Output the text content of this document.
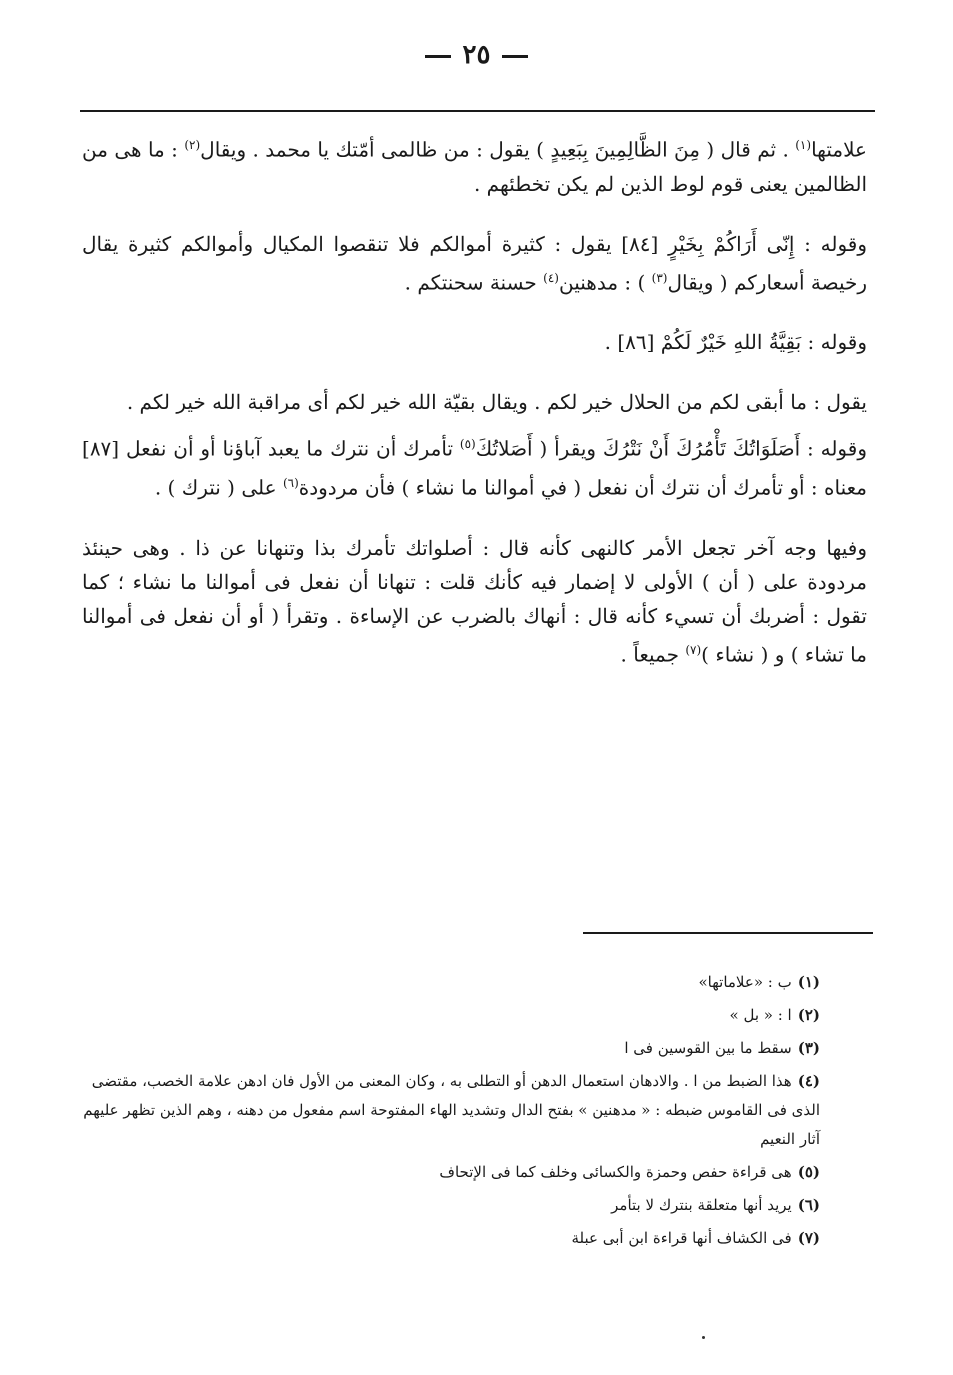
٢٥

علامتها$^{(١)}$ . ثم قال ( مِنَ الظَّالِمِينَ بِبَعِيدٍ ) يقول : من ظالمى أمّتك يا محمد . ويقال$^{(٢)}$ : ما هى من الظالمين يعنى قوم لوط الذين لم يكن تخطئهم .

وقوله : إِنّى أَرَاكُمْ بِخَيْرٍ [٨٤] يقول : كثيرة أموالكم فلا تنقصوا المكيال وأموالكم كثيرة يقال رخيصة أسعاركم ( ويقال$^{(٣)}$ ) : مدهنين$^{(٤)}$ حسنة سحنتكم .

وقوله : بَقِيَّةُ اللهِ خَيْرٌ لَكُمْ [٨٦] .

يقول : ما أبقى لكم من الحلال خير لكم . ويقال بقيّة الله خير لكم أى مراقبة الله خير لكم .

وقوله : أَصَلَوَاتُكَ تَأْمُرُكَ أَنْ نَتْرُكَ ويقرأ ( أَصَلاتُكَ$^{(٥)}$ تأمرك أن نترك ما يعبد آباؤنا أو أن نفعل [٨٧] معناه : أو تأمرك أن نترك أن نفعل ( في أموالنا ما نشاء ) فأن مردودة$^{(٦)}$ على ( نترك ) .

وفيها وجه آخر تجعل الأمر كالنهى كأنه قال : أصلواتك تأمرك بذا وتنهانا عن ذا . وهى حينئذ مردودة على ( أن ) الأولى لا إضمار فيه كأنك قلت : تنهانا أن نفعل فى أموالنا ما نشاء ؛ كما تقول : أضربك أن تسيء كأنه قال : أنهاك بالضرب عن الإساءة . وتقرأ ( أو أن نفعل فى أموالنا ما تشاء ) و ( نشاء )$^{(٧)}$ جميعاً .

(١)ب : «علاماتها»
(٢)ا : « بل »
(٣)سقط ما بين القوسين فى ا
(٤)هذا الضبط من ا . والادهان استعمال الدهن أو التطلى به ، وكان المعنى من الأول فان ادهن علامة الخصب، مقتضى الذى فى القاموس ضبطه : « مدهنين » بفتح الدال وتشديد الهاء المفتوحة اسم مفعول من دهنه ، وهم الذين تظهر عليهم آثار النعيم
(٥)هى قراءة حفص وحمزة والكسائى وخلف كما فى الإتحاف
(٦)يريد أنها متعلقة بنترك لا بتأمر
(٧)فى الكشاف أنها قراءة ابن أبى عبلة
